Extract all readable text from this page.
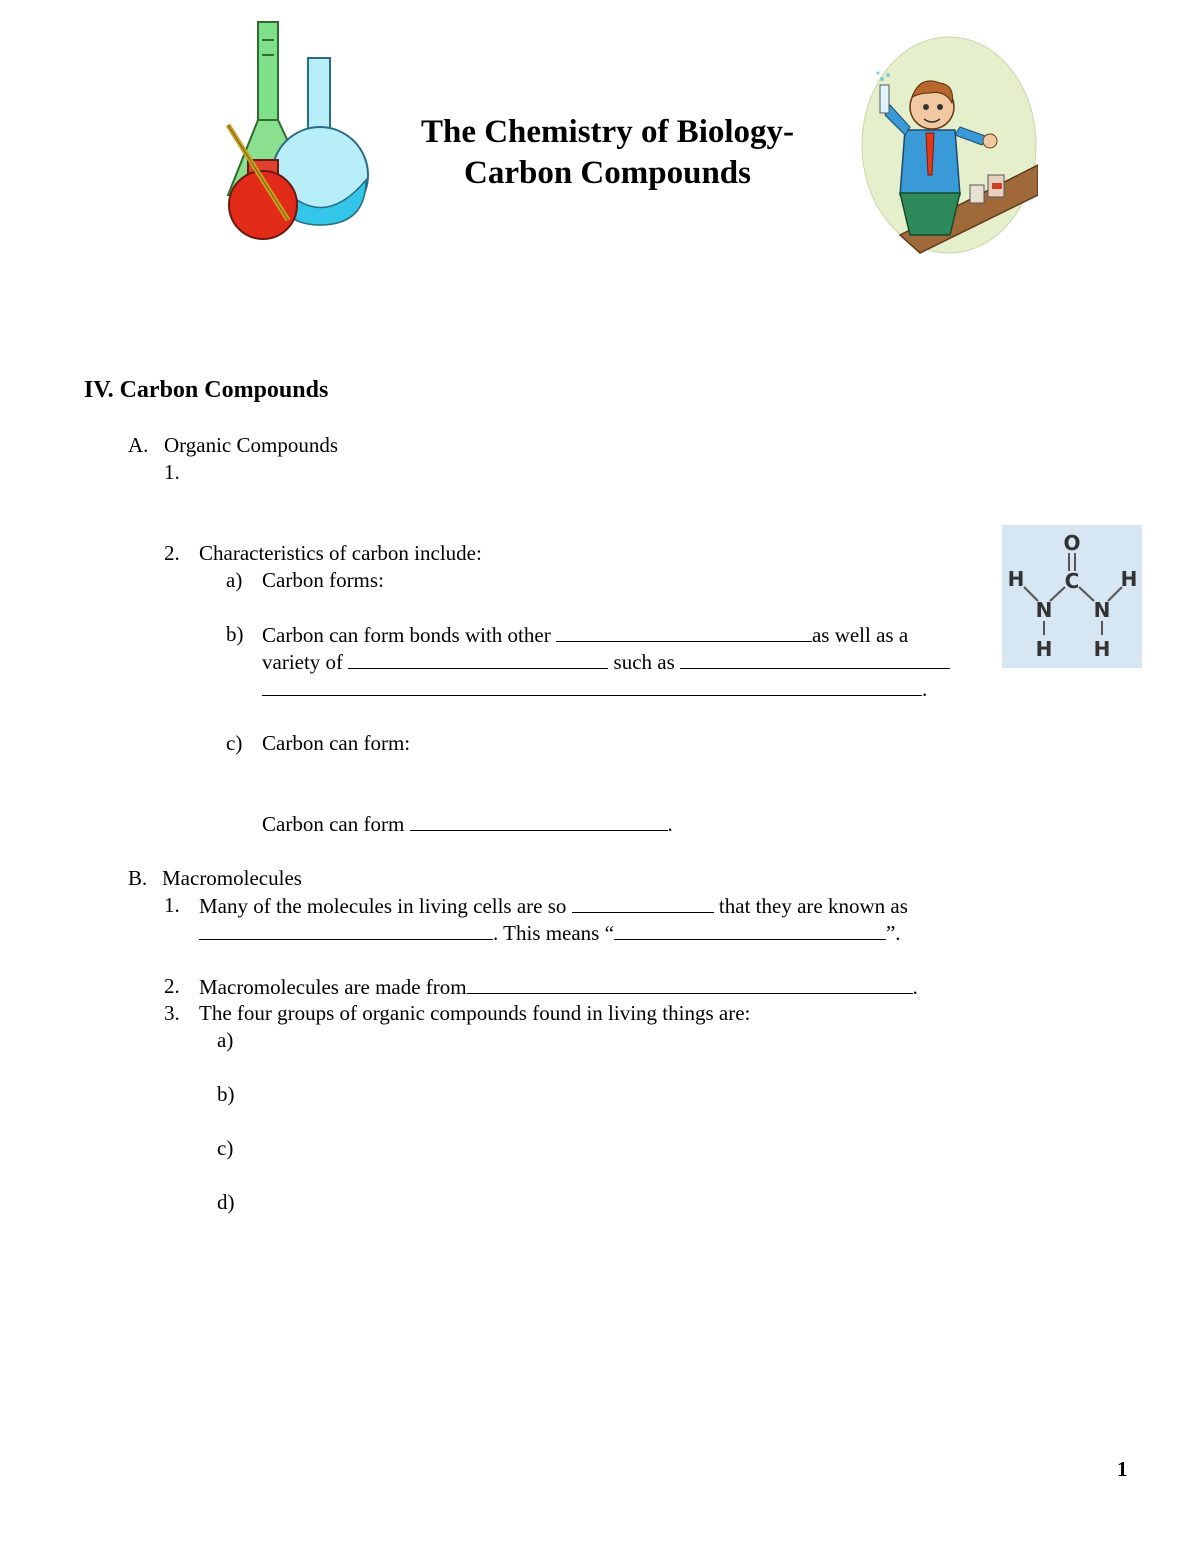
The Chemistry of Biology-
Carbon Compounds
IV. Carbon Compounds
A. Organic Compounds
1.
2. Characteristics of carbon include:
a) Carbon forms:
b) Carbon can form bonds with other	as well as a
variety of	such as
.
c) Carbon can form:
Carbon can form	.
O
C
H
N N
H
H H
B. Macromolecules
1. Many of the molecules in living cells are so	that they are known as
. This means “	”.
2. Macromolecules are made from	.
3. The four groups of organic compounds found in living things are:
a)
b)
c)
d)
1
